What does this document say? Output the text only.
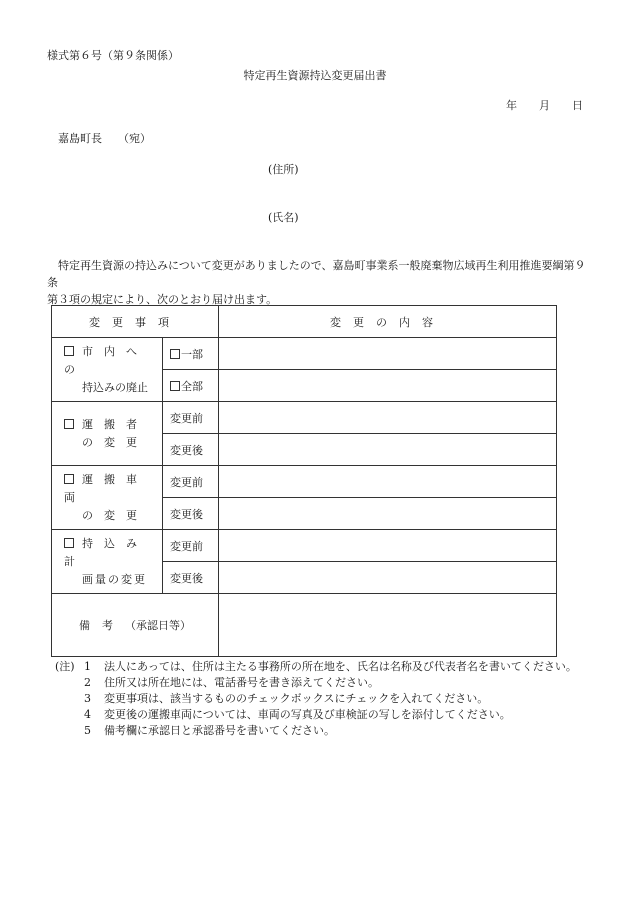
様式第６号（第９条関係）
特定再生資源持込変更届出書
年 月 日
嘉島町長 （宛）
(住所)
(氏名)

特定再生資源の持込みについて変更がありましたので、嘉島町事業系一般廃棄物広域再生利用推進要綱第９条

第３項の規定により、次のとおり届け出ます。

変更事項		変更の内容
市内への
持込みの廃止	一部	
	全部	
運搬者
の変更	変更前	
	変更後	
運搬車両
の変更	変更前	
	変更後	
持込み計
画量の変更	変更前	
	変更後	
備考（承認日等）		
(注) 1	法人にあっては、住所は主たる事務所の所在地を、氏名は名称及び代表者名を書いてください。
2	住所又は所在地には、電話番号を書き添えてください。
3	変更事項は、該当するもののチェックボックスにチェックを入れてください。
4	変更後の運搬車両については、車両の写真及び車検証の写しを添付してください。
5	備考欄に承認日と承認番号を書いてください。
